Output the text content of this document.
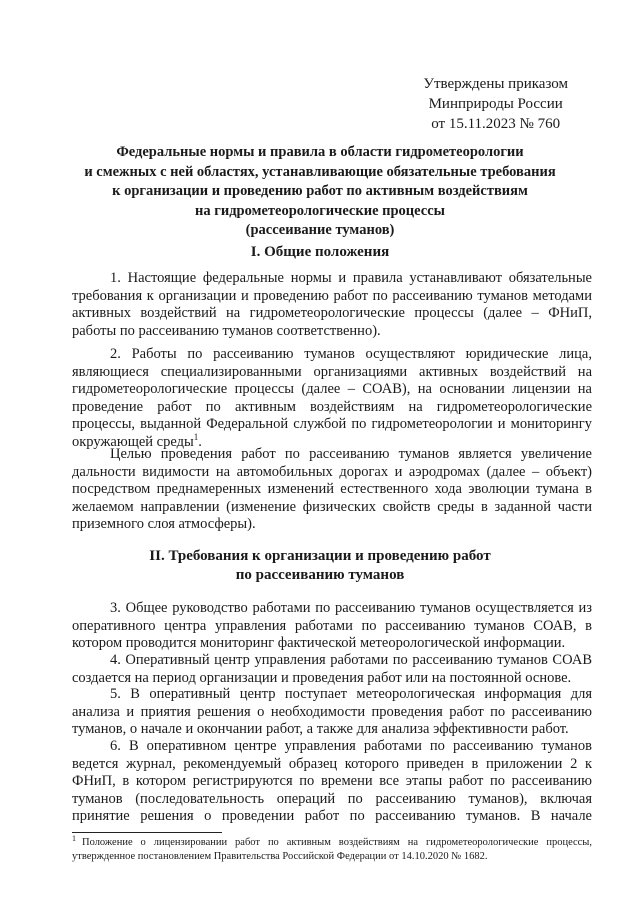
Утверждены приказом
Минприроды России
от 15.11.2023 № 760
Федеральные нормы и правила в области гидрометеорологии
и смежных с ней областях, устанавливающие обязательные требования
к организации и проведению работ по активным воздействиям
на гидрометеорологические процессы
(рассеивание туманов)
I. Общие положения
1. Настоящие федеральные нормы и правила устанавливают обязательные
требования к организации и проведению работ по рассеиванию туманов методами
активных воздействий на гидрометеорологические процессы (далее – ФНиП,
работы по рассеиванию туманов соответственно).
2. Работы по рассеиванию туманов осуществляют юридические лица,
являющиеся специализированными организациями активных воздействий на
гидрометеорологические процессы (далее – СОАВ), на основании лицензии на
проведение работ по активным воздействиям на гидрометеорологические
процессы, выданной Федеральной службой по гидрометеорологии и мониторингу
окружающей среды$^1$.
Целью проведения работ по рассеиванию туманов является увеличение
дальности видимости на автомобильных дорогах и аэродромах (далее – объект)
посредством преднамеренных изменений естественного хода эволюции тумана в
желаемом направлении (изменение физических свойств среды в заданной части
приземного слоя атмосферы).
II. Требования к организации и проведению работ
по рассеиванию туманов
3. Общее руководство работами по рассеиванию туманов осуществляется из
оперативного центра управления работами по рассеиванию туманов СОАВ, в
котором проводится мониторинг фактической метеорологической информации.
4. Оперативный центр управления работами по рассеиванию туманов СОАВ
создается на период организации и проведения работ или на постоянной основе.
5. В оперативный центр поступает метеорологическая информация для
анализа и приятия решения о необходимости проведения работ по рассеиванию
туманов, о начале и окончании работ, а также для анализа эффективности работ.
6. В оперативном центре управления работами по рассеиванию туманов
ведется журнал, рекомендуемый образец которого приведен в приложении 2 к
ФНиП, в котором регистрируются по времени все этапы работ по рассеиванию
туманов (последовательность операций по рассеиванию туманов), включая
принятие решения о проведении работ по рассеиванию туманов. В начале
$^1$ Положение о лицензировании работ по активным воздействиям на гидрометеорологические процессы,
утвержденное постановлением Правительства Российской Федерации от 14.10.2020 № 1682.
